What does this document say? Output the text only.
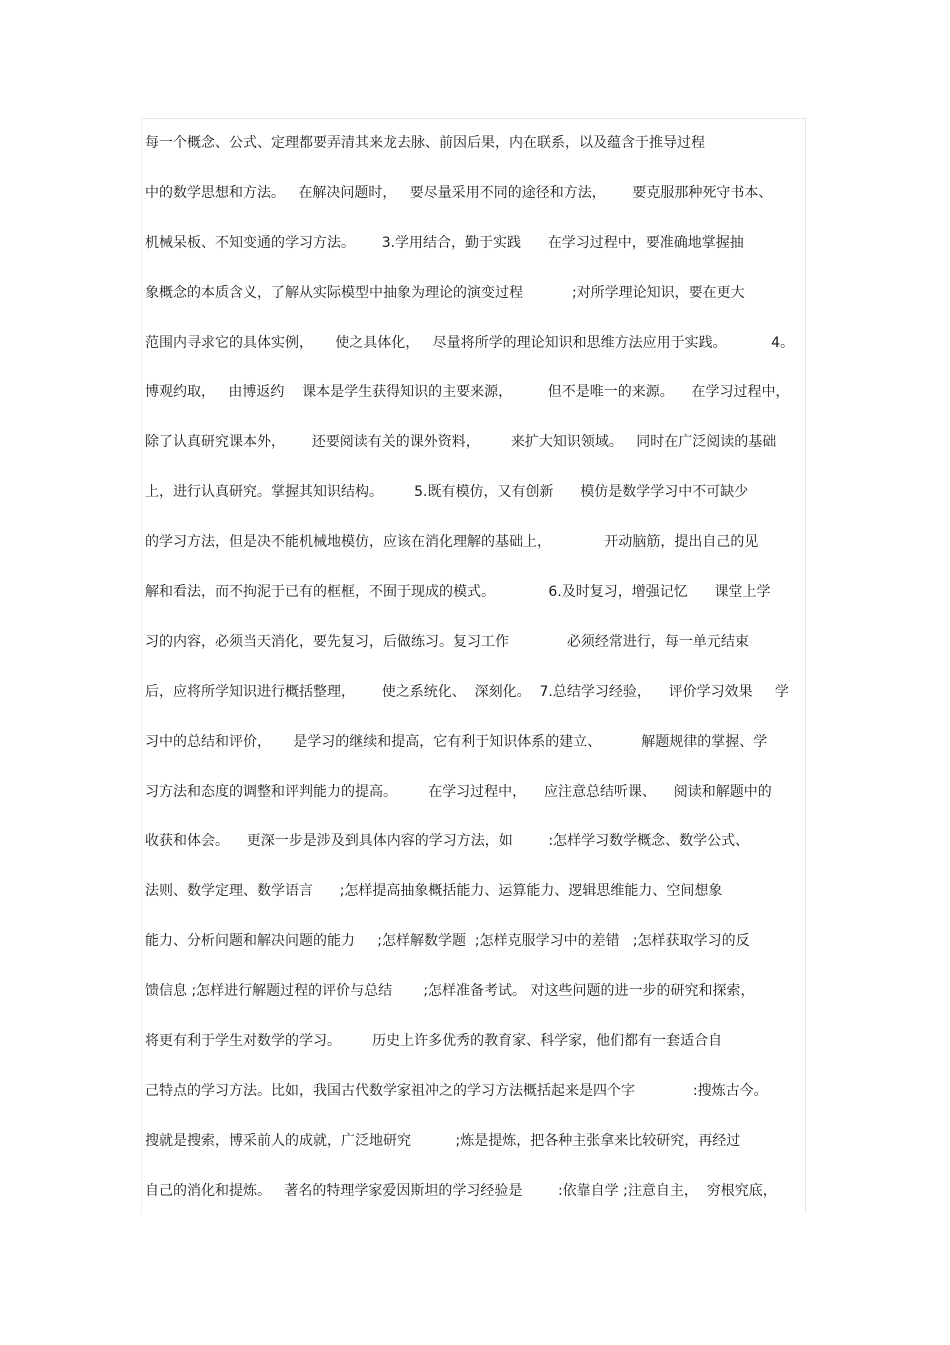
每一个概念、公式、定理都要弄清其来龙去脉、前因后果，内在联系，以及蕴含于推导过程
中的数学思想和方法。   在解决问题时，   要尽量采用不同的途径和方法，      要克服那种死守书本、
机械呆板、不知变通的学习方法。      3.学用结合，勤于实践      在学习过程中，要准确地掌握抽
象概念的本质含义，了解从实际模型中抽象为理论的演变过程           ;对所学理论知识，要在更大
范围内寻求它的具体实例，     使之具体化，   尽量将所学的理论知识和思维方法应用于实践。          4。
博观约取，   由博返约    课本是学生获得知识的主要来源，        但不是唯一的来源。    在学习过程中，
除了认真研究课本外，      还要阅读有关的课外资料，       来扩大知识领域。   同时在广泛阅读的基础
上，进行认真研究。掌握其知识结构。       5.既有模仿，又有创新      模仿是数学学习中不可缺少
的学习方法，但是决不能机械地模仿，应该在消化理解的基础上，            开动脑筋，提出自己的见
解和看法，而不拘泥于已有的框框，不囿于现成的模式。            6.及时复习，增强记忆      课堂上学
习的内容，必须当天消化，要先复习，后做练习。复习工作             必须经常进行，每一单元结束
后，应将所学知识进行概括整理，      使之系统化、  深刻化。  7.总结学习经验，    评价学习效果     学
习中的总结和评价，     是学习的继续和提高，它有利于知识体系的建立、         解题规律的掌握、学
习方法和态度的调整和评判能力的提高。       在学习过程中，    应注意总结听课、    阅读和解题中的
收获和体会。    更深一步是涉及到具体内容的学习方法，如        :怎样学习数学概念、数学公式、
法则、数学定理、数学语言      ;怎样提高抽象概括能力、运算能力、逻辑思维能力、空间想象
能力、分析问题和解决问题的能力     ;怎样解数学题  ;怎样克服学习中的差错   ;怎样获取学习的反
馈信息 ;怎样进行解题过程的评价与总结       ;怎样准备考试。 对这些问题的进一步的研究和探索，
将更有利于学生对数学的学习。       历史上许多优秀的教育家、科学家，他们都有一套适合自
己特点的学习方法。比如，我国古代数学家祖冲之的学习方法概括起来是四个字             :搜炼古今。
搜就是搜索，博采前人的成就，广泛地研究          ;炼是提炼，把各种主张拿来比较研究，再经过
自己的消化和提炼。   著名的特理学家爱因斯坦的学习经验是        :依靠自学 ;注意自主，  穷根究底，
